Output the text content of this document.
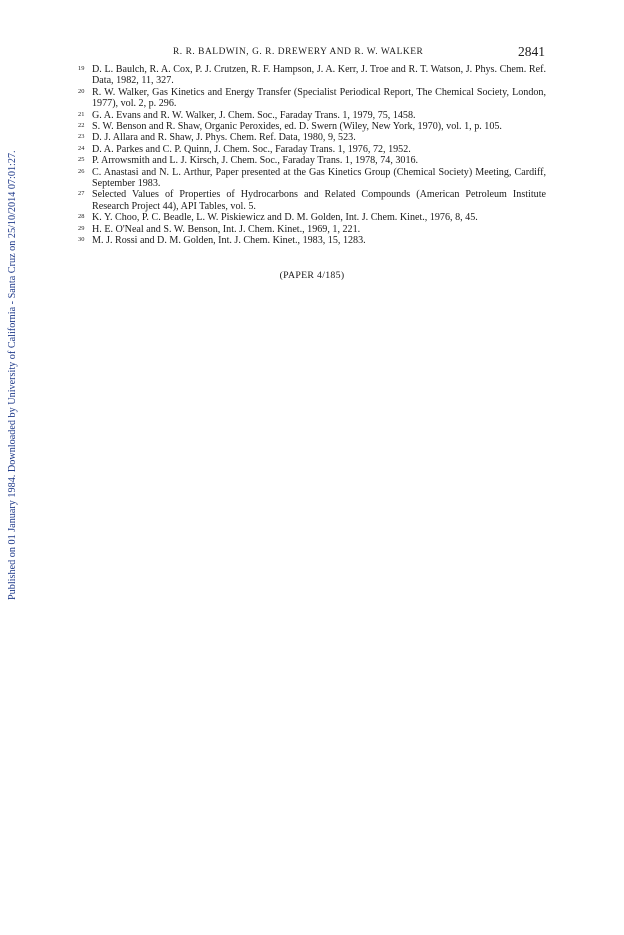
Published on 01 January 1984. Downloaded by University of California - Santa Cruz on 25/10/2014 07:01:27.
R. R. BALDWIN, G. R. DREWERY AND R. W. WALKER	2841
19 D. L. Baulch, R. A. Cox, P. J. Crutzen, R. F. Hampson, J. A. Kerr, J. Troe and R. T. Watson, J. Phys. Chem. Ref. Data, 1982, 11, 327.
20 R. W. Walker, Gas Kinetics and Energy Transfer (Specialist Periodical Report, The Chemical Society, London, 1977), vol. 2, p. 296.
21 G. A. Evans and R. W. Walker, J. Chem. Soc., Faraday Trans. 1, 1979, 75, 1458.
22 S. W. Benson and R. Shaw, Organic Peroxides, ed. D. Swern (Wiley, New York, 1970), vol. 1, p. 105.
23 D. J. Allara and R. Shaw, J. Phys. Chem. Ref. Data, 1980, 9, 523.
24 D. A. Parkes and C. P. Quinn, J. Chem. Soc., Faraday Trans. 1, 1976, 72, 1952.
25 P. Arrowsmith and L. J. Kirsch, J. Chem. Soc., Faraday Trans. 1, 1978, 74, 3016.
26 C. Anastasi and N. L. Arthur, Paper presented at the Gas Kinetics Group (Chemical Society) Meeting, Cardiff, September 1983.
27 Selected Values of Properties of Hydrocarbons and Related Compounds (American Petroleum Institute Research Project 44), API Tables, vol. 5.
28 K. Y. Choo, P. C. Beadle, L. W. Piskiewicz and D. M. Golden, Int. J. Chem. Kinet., 1976, 8, 45.
29 H. E. O'Neal and S. W. Benson, Int. J. Chem. Kinet., 1969, 1, 221.
30 M. J. Rossi and D. M. Golden, Int. J. Chem. Kinet., 1983, 15, 1283.
(PAPER 4/185)
